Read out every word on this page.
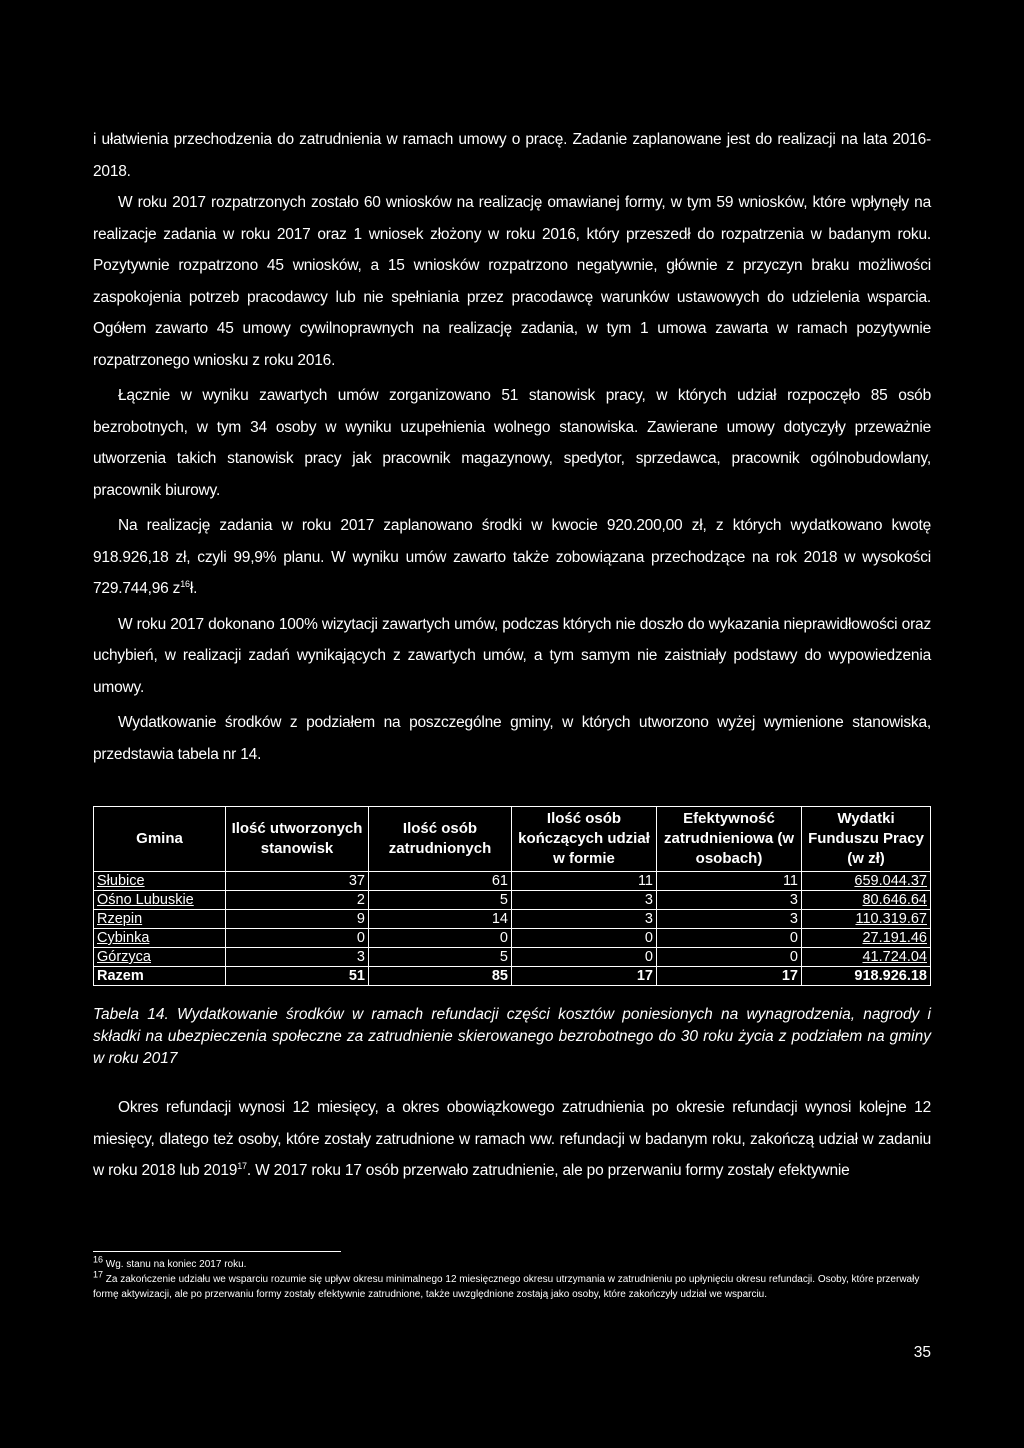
i ułatwienia przechodzenia do zatrudnienia w ramach umowy o pracę. Zadanie zaplanowane jest do realizacji na lata 2016-2018.

W roku 2017 rozpatrzonych zostało 60 wniosków na realizację omawianej formy, w tym 59 wniosków, które wpłynęły na realizacje zadania w roku 2017 oraz 1 wniosek złożony w roku 2016, który przeszedł do rozpatrzenia w badanym roku. Pozytywnie rozpatrzono 45 wniosków, a 15 wniosków rozpatrzono negatywnie, głównie z przyczyn braku możliwości zaspokojenia potrzeb pracodawcy lub nie spełniania przez pracodawcę warunków ustawowych do udzielenia wsparcia. Ogółem zawarto 45 umowy cywilnoprawnych na realizację zadania, w tym 1 umowa zawarta w ramach pozytywnie rozpatrzonego wniosku z roku 2016.

Łącznie w wyniku zawartych umów zorganizowano 51 stanowisk pracy, w których udział rozpoczęło 85 osób bezrobotnych, w tym 34 osoby w wyniku uzupełnienia wolnego stanowiska. Zawierane umowy dotyczyły przeważnie utworzenia takich stanowisk pracy jak pracownik magazynowy, spedytor, sprzedawca, pracownik ogólnobudowlany, pracownik biurowy.

Na realizację zadania w roku 2017 zaplanowano środki w kwocie 920.200,00 zł, z których wydatkowano kwotę 918.926,18 zł, czyli 99,9% planu. W wyniku umów zawarto także zobowiązana przechodzące na rok 2018 w wysokości 729.744,96 $z^{16}ł$.

W roku 2017 dokonano 100% wizytacji zawartych umów, podczas których nie doszło do wykazania nieprawidłowości oraz uchybień, w realizacji zadań wynikających z zawartych umów, a tym samym nie zaistniały podstawy do wypowiedzenia umowy.

Wydatkowanie środków z podziałem na poszczególne gminy, w których utworzono wyżej wymienione stanowiska, przedstawia tabela nr 14.

Gmina	Ilość utworzonych stanowisk	Ilość osób zatrudnionych	Ilość osób kończących udział w formie	Efektywność zatrudnieniowa (w osobach)	Wydatki Funduszu Pracy (w zł)
Słubice	37	61	11	11	659.044.37
Ośno Lubuskie	2	5	3	3	80.646.64
Rzepin	9	14	3	3	110.319.67
Cybinka	0	0	0	0	27.191.46
Górzyca	3	5	0	0	41.724.04
Razem	51	85	17	17	918.926.18
Tabela 14. Wydatkowanie środków w ramach refundacji części kosztów poniesionych na wynagrodzenia, nagrody i składki na ubezpieczenia społeczne za zatrudnienie skierowanego bezrobotnego do 30 roku życia z podziałem na gminy w roku 2017

Okres refundacji wynosi 12 miesięcy, a okres obowiązkowego zatrudnienia po okresie refundacji wynosi kolejne 12 miesięcy, dlatego też osoby, które zostały zatrudnione w ramach ww. refundacji w badanym roku, zakończą udział w zadaniu w roku 2018 lub 2019$^{17}$. W 2017 roku 17 osób przerwało zatrudnienie, ale po przerwaniu formy zostały efektywnie

$^{16}$ Wg. stanu na koniec 2017 roku.

$^{17}$ Za zakończenie udziału we wsparciu rozumie się upływ okresu minimalnego 12 miesięcznego okresu utrzymania w zatrudnieniu po upłynięciu okresu refundacji. Osoby, które przerwały formę aktywizacji, ale po przerwaniu formy zostały efektywnie zatrudnione, także uwzględnione zostają jako osoby, które zakończyły udział we wsparciu.

35
